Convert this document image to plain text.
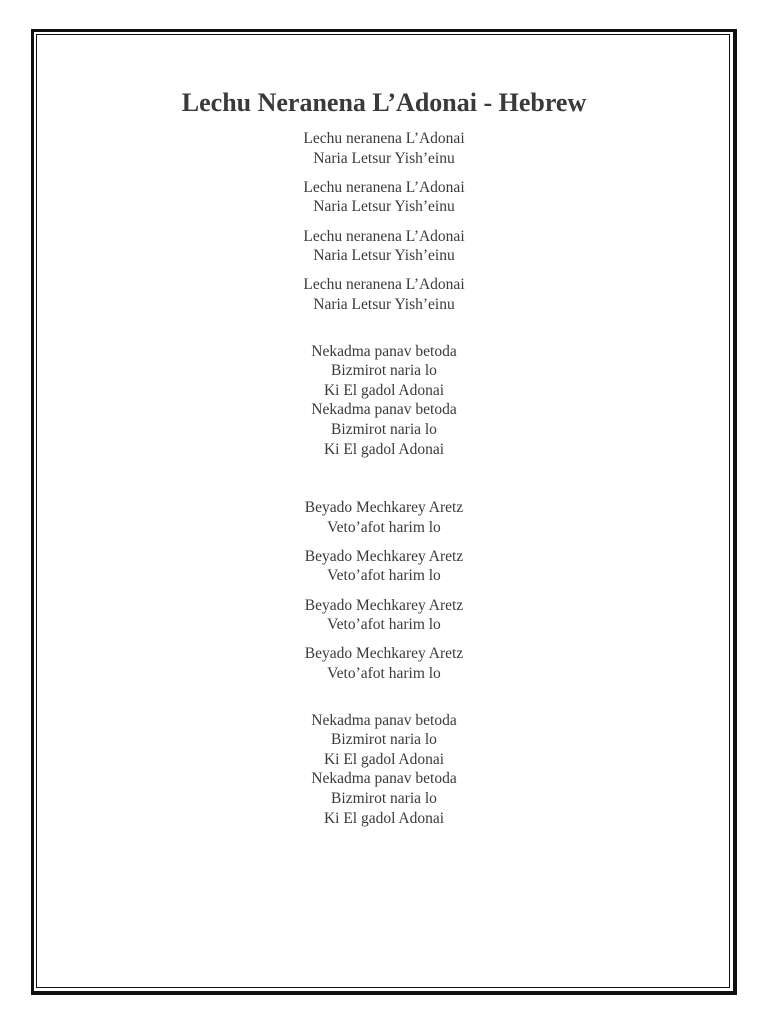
Lechu Neranena L’Adonai - Hebrew
Lechu neranena L’Adonai
Naria Letsur Yish’einu
Lechu neranena L’Adonai
Naria Letsur Yish’einu
Lechu neranena L’Adonai
Naria Letsur Yish’einu
Lechu neranena L’Adonai
Naria Letsur Yish’einu
Nekadma panav betoda
Bizmirot naria lo
Ki El gadol Adonai
Nekadma panav betoda
Bizmirot naria lo
Ki El gadol Adonai
Beyado Mechkarey Aretz
Veto’afot harim lo
Beyado Mechkarey Aretz
Veto’afot harim lo
Beyado Mechkarey Aretz
Veto’afot harim lo
Beyado Mechkarey Aretz
Veto’afot harim lo
Nekadma panav betoda
Bizmirot naria lo
Ki El gadol Adonai
Nekadma panav betoda
Bizmirot naria lo
Ki El gadol Adonai
